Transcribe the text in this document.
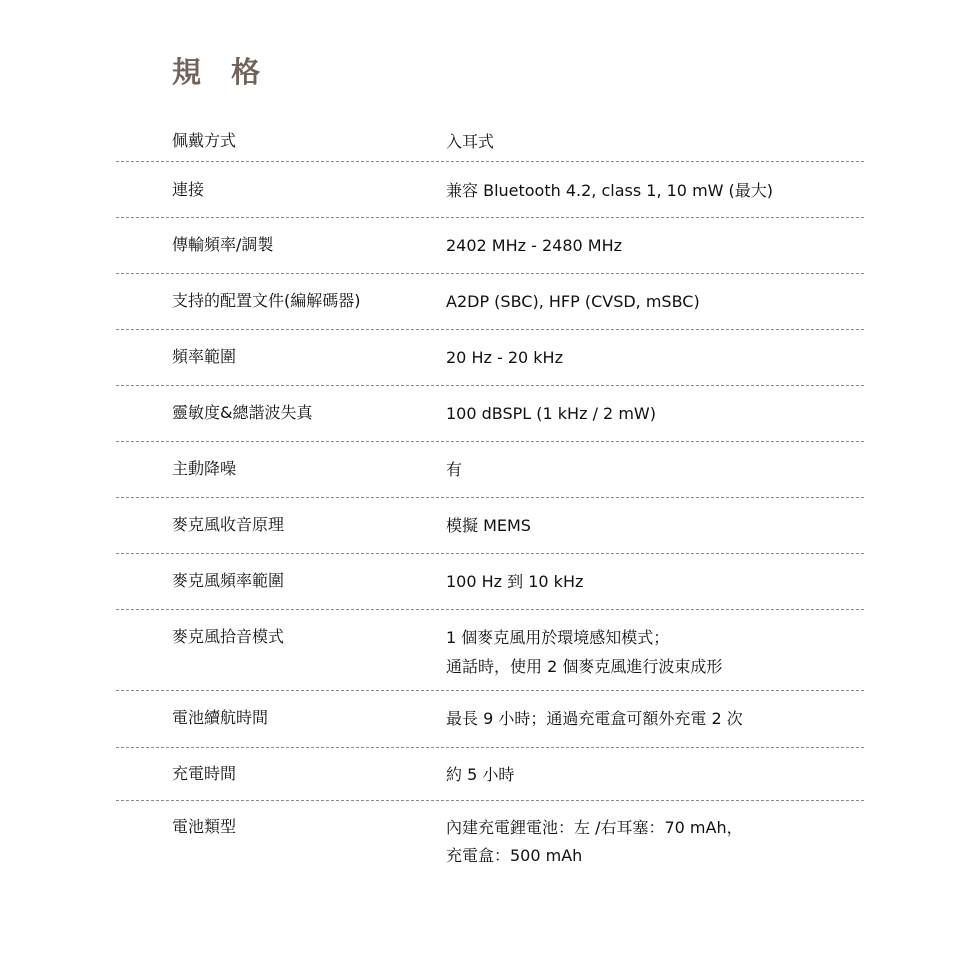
規 格
佩戴方式	入耳式
連接	兼容 Bluetooth 4.2, class 1, 10 mW (最大)
傳輸頻率/調製	2402 MHz - 2480 MHz
支持的配置文件(編解碼器)	A2DP (SBC), HFP (CVSD, mSBC)
頻率範圍	20 Hz - 20 kHz
靈敏度&總諧波失真	100 dBSPL (1 kHz / 2 mW)
主動降噪	有
麥克風收音原理	模擬 MEMS
麥克風頻率範圍	100 Hz 到 10 kHz
麥克風拾音模式	1 個麥克風用於環境感知模式；
通話時，使用 2 個麥克風進行波束成形
電池續航時間	最長 9 小時；通過充電盒可額外充電 2 次
充電時間	約 5 小時
電池類型	內建充電鋰電池：左 /右耳塞：70 mAh，
充電盒：500 mAh
